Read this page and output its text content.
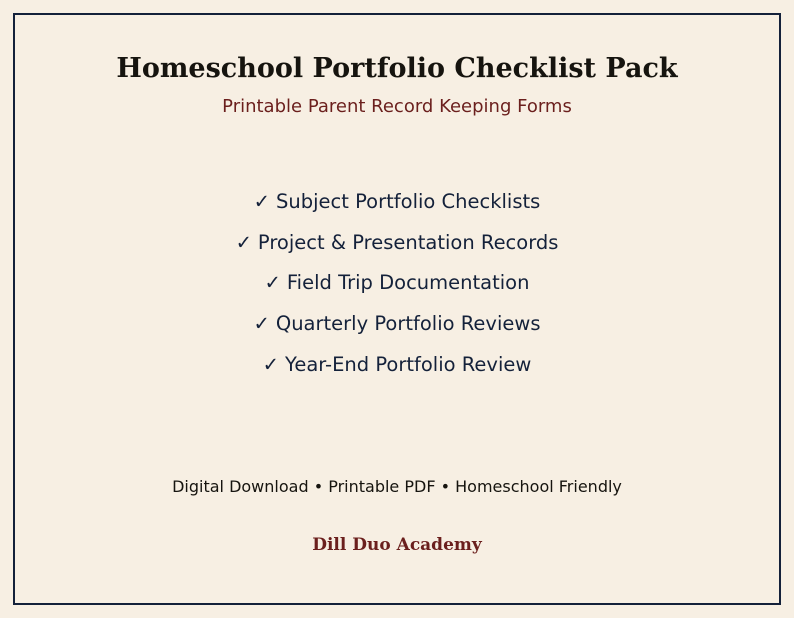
Homeschool Portfolio Checklist Pack

Printable Parent Record Keeping Forms

✓ Subject Portfolio Checklists
✓ Project & Presentation Records
✓ Field Trip Documentation
✓ Quarterly Portfolio Reviews
✓ Year-End Portfolio Review

Digital Download • Printable PDF • Homeschool Friendly

Dill Duo Academy
